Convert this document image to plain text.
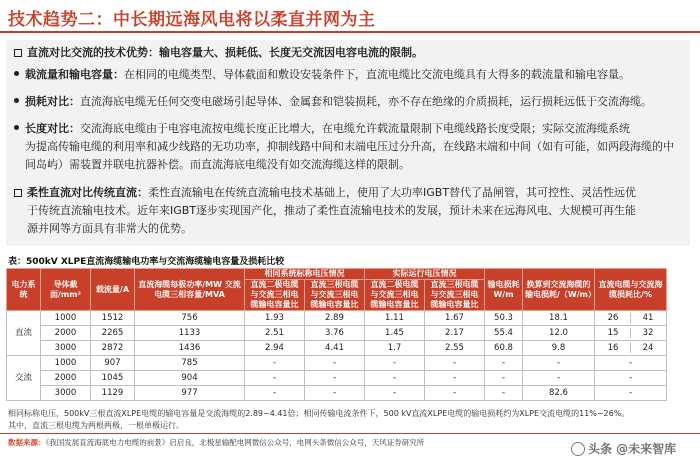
技术趋势二：中长期远海风电将以柔直并网为主
直流对比交流的技术优势：输电容量大、损耗低、长度无交流因电容电流的限制。
载流量和输电容量：在相同的电缆类型、导体截面和敷设安装条件下，直流电缆比交流电缆具有大得多的载流量和输电容量。
损耗对比：直流海底电缆无任何交变电磁场引起导体、金属套和铠装损耗，亦不存在绝缘的介质损耗，运行损耗远低于交流海缆。
长度对比：交流海底电缆由于电容电流按电缆长度正比增大，在电缆允许载流量限制下电缆线路长度受限；实际交流海缆系统
为提高传输电缆的利用率和减少线路的无功功率，抑制线路中间和末端电压过分升高，在线路末端和中间（如有可能，如两段海缆的中
间岛屿）需装置并联电抗器补偿。而直流海底电缆没有如交流海缆这样的限制。
柔性直流对比传统直流：柔性直流输电在传统直流输电技术基础上，使用了大功率IGBT替代了晶闸管，其可控性、灵活性远优
于传统直流输电技术。近年来IGBT逐步实现国产化，推动了柔性直流输电技术的发展，预计未来在远海风电、大规模可再生能
源并网等方面具有非常大的优势。
表：500kV XLPE直流海缆输电功率与交流海缆输电容量及损耗比较
电力系统	导体截面/mm²	载流量/A	直流海缆每极功率/MW 交流电缆三相容量/MVA	相同系统标称电压情况		实际运行电压情况		输电损耗 W/m	换算到交流海缆的输电损耗/（W/m）	直流电缆与交流海缆损耗比/%
				直流二极电缆与交流三相电缆输电容量比	直流三根电缆与交流三根电缆输电容量比	直流二极电缆与交流三相电缆输电容量比	直流三根电缆与交流三根电缆输电容量比			
直流	1000	1512	756	1.93	2.89	1.11	1.67	50.3	18.1	26 41
	2000	2265	1133	2.51	3.76	1.45	2.17	55.4	12.0	15 32
	3000	2872	1436	2.94	4.41	1.7	2.55	60.8	9.8	16 24
交流	1000	907	785	-	-	-	-	-	-	-
	2000	1045	904	-	-	-	-	-	-	-
	3000	1129	977	-	-	-	-	-	82.6	-
相同标称电压，500kV三根直流XLPE电缆的输电容量是交流海缆的2.89~4.41倍；相同传输电流条件下，500 kV直流XLPE电缆的输电损耗约为XLPE交流电缆的11%~26%。
其中，直流三根电缆为两根两极，一根单极运行。
数据来源：《我国发展直流海底电力电缆的前景》启启良，北极星输配电网微信公众号，电网头条微信公众号，天风证券研究所	头条 @未来智库
